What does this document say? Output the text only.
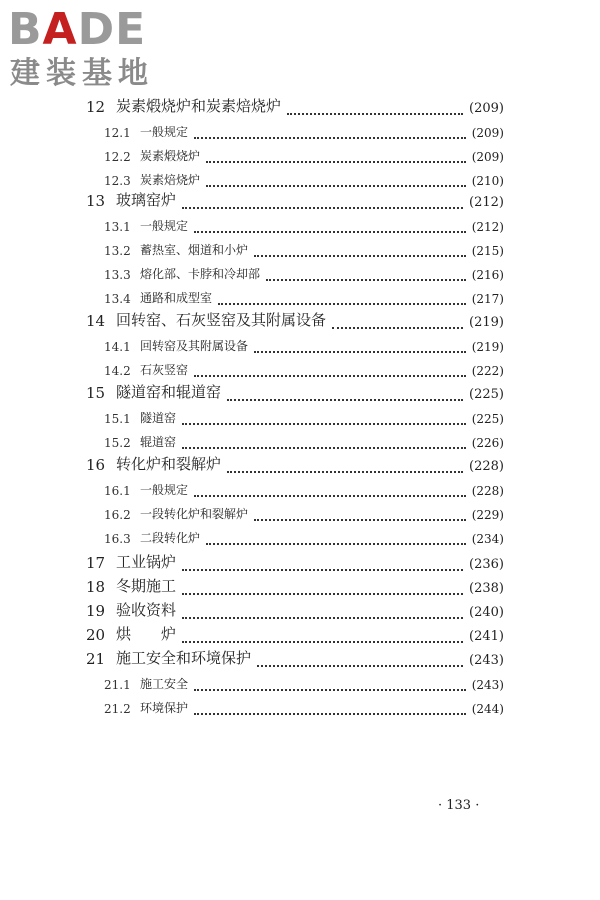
BADE
建装基地
12 炭素煅烧炉和炭素焙烧炉	(209)
12.1 一般规定	(209)
12.2 炭素煅烧炉	(209)
12.3 炭素焙烧炉	(210)
13 玻璃窑炉	(212)
13.1 一般规定	(212)
13.2 蓄热室、烟道和小炉	(215)
13.3 熔化部、卡脖和冷却部	(216)
13.4 通路和成型室	(217)
14 回转窑、石灰竖窑及其附属设备	(219)
14.1 回转窑及其附属设备	(219)
14.2 石灰竖窑	(222)
15 隧道窑和辊道窑	(225)
15.1 隧道窑	(225)
15.2 辊道窑	(226)
16 转化炉和裂解炉	(228)
16.1 一般规定	(228)
16.2 一段转化炉和裂解炉	(229)
16.3 二段转化炉	(234)
17 工业锅炉	(236)
18 冬期施工	(238)
19 验收资料	(240)
20 烘　　炉	(241)
21 施工安全和环境保护	(243)
21.1 施工安全	(243)
21.2 环境保护	(244)
· 133 ·
